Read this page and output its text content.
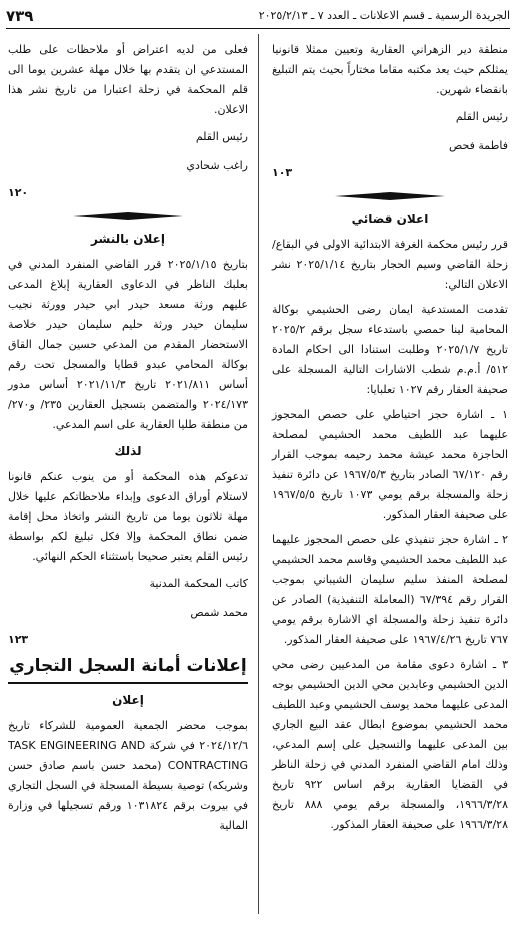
٧٣٩	الجريدة الرسمية ـ قسم الاعلانات ـ العدد ٧ ـ ٢٠٢٥/٢/١٣

منطقة دير الزهراني العقارية وتعيين ممثلا قانونيا يمثلكم حيث يعد مكتبه مقاما مختاراً بحيث يتم التبليغ بانقضاء شهرين.

رئيس القلم

فاطمة فحص

١٠٣
اعلان قضائي

قرر رئيس محكمة الغرفة الابتدائية الاولى في البقاع/ زحلة القاضي وسيم الحجار بتاريخ ٢٠٢٥/١/١٤ نشر الاعلان التالي:

تقدمت المستدعية ايمان رضى الحشيمي بوكالة المحامية لينا حمصي باستدعاء سجل برقم ٢٠٢٥/٢ تاريخ ٢٠٢٥/١/٧ وطلبت استنادا الى احكام المادة ٥١٢/ أ.م.م شطب الاشارات التالية المسجلة على صحيفة العقار رقم ١٠٢٧ تعلبايا:

١ ـ اشارة حجز احتياطي على حصص المحجوز عليهما عبد اللطيف محمد الحشيمي لمصلحة الحاجزة محمد عيشة محمد رحيمه بموجب القرار رقم ٦٧/١٢٠ الصادر بتاريخ ١٩٦٧/٥/٣ عن دائرة تنفيذ زحلة والمسجلة برقم يومي ١٠٧٣ تاريخ ١٩٦٧/٥/٥ على صحيفة العقار المذكور.

٢ ـ اشارة حجز تنفيذي على حصص المحجوز عليهما عبد اللطيف محمد الحشيمي وقاسم محمد الحشيمي لمصلحة المنفذ سليم سليمان الشيباني بموجب القرار رقم ٦٧/٣٩٤ (المعاملة التنفيذية) الصادر عن دائرة تنفيذ زحلة والمسجلة اي الاشارة برقم يومي ٧٦٧ تاريخ ١٩٦٧/٤/٢٦ على صحيفة العقار المذكور.

٣ ـ اشارة دعوى مقامة من المدعيين رضى محي الدين الحشيمي وعابدين محي الدين الحشيمي بوجه المدعى عليهما محمد يوسف الحشيمي وعبد اللطيف محمد الحشيمي بموضوع ابطال عقد البيع الجاري بين المدعى عليهما والتسجيل على إسم المدعي، وذلك امام القاضي المنفرد المدني في زحلة الناظر في القضايا العقارية برقم اساس ٩٢٢ تاريخ ١٩٦٦/٣/٢٨، والمسجلة برقم يومي ٨٨٨ تاريخ ١٩٦٦/٣/٢٨ على صحيفة العقار المذكور.

فعلى من لديه اعتراض أو ملاحظات على طلب المستدعي ان يتقدم بها خلال مهلة عشرين يوما الى قلم المحكمة في زحلة اعتبارا من تاريخ نشر هذا الاعلان.

رئيس القلم

راغب شحادي

١٢٠
إعلان بالنشر

بتاريخ ٢٠٢٥/١/١٥ قرر القاضي المنفرد المدني في بعلبك الناظر في الدعاوى العقارية إبلاغ المدعى عليهم ورثة مسعد حيدر ابي حيدر وورثة نجيب سليمان حيدر ورثة حليم سليمان حيدر خلاصة الاستحضار المقدم من المدعي حسين جمال القاق بوكالة المحامي عبدو قطايا والمسجل تحت رقم أساس ٢٠٢١/٨١١ تاريخ ٢٠٢١/١١/٣ أساس مدور ٢٠٢٤/١٧٣ والمتضمن بتسجيل العقارين ٢٣٥/ و٢٧٠/ من منطقة طليا العقارية على اسم المدعي.

لذلك

تدعوكم هذه المحكمة أو من ينوب عنكم قانونا لاستلام أوراق الدعوى وإبداء ملاحظاتكم عليها خلال مهلة ثلاثون يوما من تاريخ النشر واتخاذ محل إقامة ضمن نطاق المحكمة وإلا فكل تبليغ لكم بواسطة رئيس القلم يعتبر صحيحا باستثناء الحكم النهائي.

كاتب المحكمة المدنية

محمد شمص

١٢٣
إعلانات أمانة السجل التجاري
إعلان

بموجب محضر الجمعية العمومية للشركاء تاريخ ٢٠٢٤/١٢/٦ في شركة TASK ENGINEERING AND CONTRACTING (محمد حسن باسم صادق حسن وشريكه) توصية بسيطة المسجلة في السجل التجاري في بيروت برقم ١٠٣١٨٢٤ ورقم تسجيلها في وزارة المالية
